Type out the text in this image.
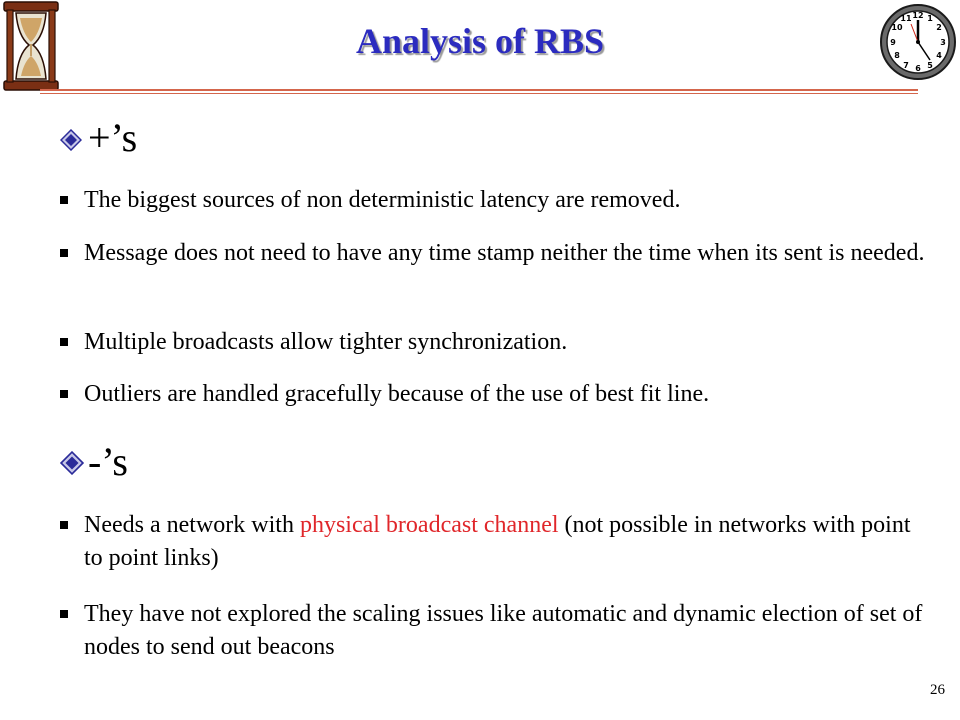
12 1
2
3
4
5
6
7
8
9
10
11
Analysis of RBS
+’s
The biggest sources of non deterministic latency are removed.
Message does not need to have any time stamp neither the time when its sent is needed.
Multiple broadcasts allow tighter synchronization.
Outliers are handled gracefully because of the use of best fit line.
-’s
Needs a network with physical broadcast channel (not possible in networks with point to point links)
They have not explored the scaling issues like automatic and dynamic election of set of nodes to send out beacons
26
